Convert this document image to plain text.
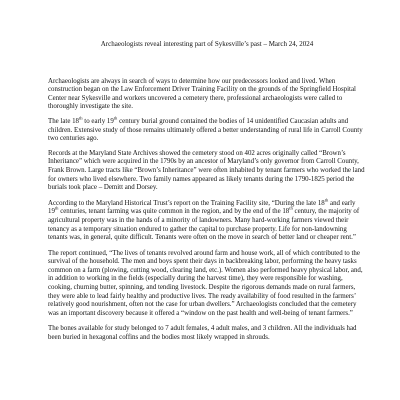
Archaeologists reveal interesting part of Sykesville’s past – March 24, 2024

Archaeologists are always in search of ways to determine how our predecessors looked and lived. When construction began on the Law Enforcement Driver Training Facility on the grounds of the Springfield Hospital Center near Sykesville and workers uncovered a cemetery there, professional archaeologists were called to thoroughly investigate the site.

The late 18th to early 19th century burial ground contained the bodies of 14 unidentified Caucasian adults and children. Extensive study of those remains ultimately offered a better understanding of rural life in Carroll County two centuries ago.

Records at the Maryland State Archives showed the cemetery stood on 402 acres originally called “Brown’s Inheritance” which were acquired in the 1790s by an ancestor of Maryland’s only governor from Carroll County, Frank Brown. Large tracts like “Brown’s Inheritance” were often inhabited by tenant farmers who worked the land for owners who lived elsewhere. Two family names appeared as likely tenants during the 1790-1825 period the burials took place – Demitt and Dorsey.

According to the Maryland Historical Trust’s report on the Training Facility site, “During the late 18th and early 19th centuries, tenant farming was quite common in the region, and by the end of the 18th century, the majority of agricultural property was in the hands of a minority of landowners. Many hard-working farmers viewed their tenancy as a temporary situation endured to gather the capital to purchase property. Life for non-landowning tenants was, in general, quite difficult. Tenants were often on the move in search of better land or cheaper rent.”

The report continued, “The lives of tenants revolved around farm and house work, all of which contributed to the survival of the household. The men and boys spent their days in backbreaking labor, performing the heavy tasks common on a farm (plowing, cutting wood, clearing land, etc.). Women also performed heavy physical labor, and, in addition to working in the fields (especially during the harvest time), they were responsible for washing, cooking, churning butter, spinning, and tending livestock. Despite the rigorous demands made on rural farmers, they were able to lead fairly healthy and productive lives. The ready availability of food resulted in the farmers’ relatively good nourishment, often not the case for urban dwellers.” Archaeologists concluded that the cemetery was an important discovery because it offered a “window on the past health and well-being of tenant farmers.”

The bones available for study belonged to 7 adult females, 4 adult males, and 3 children. All the individuals had been buried in hexagonal coffins and the bodies most likely wrapped in shrouds.
